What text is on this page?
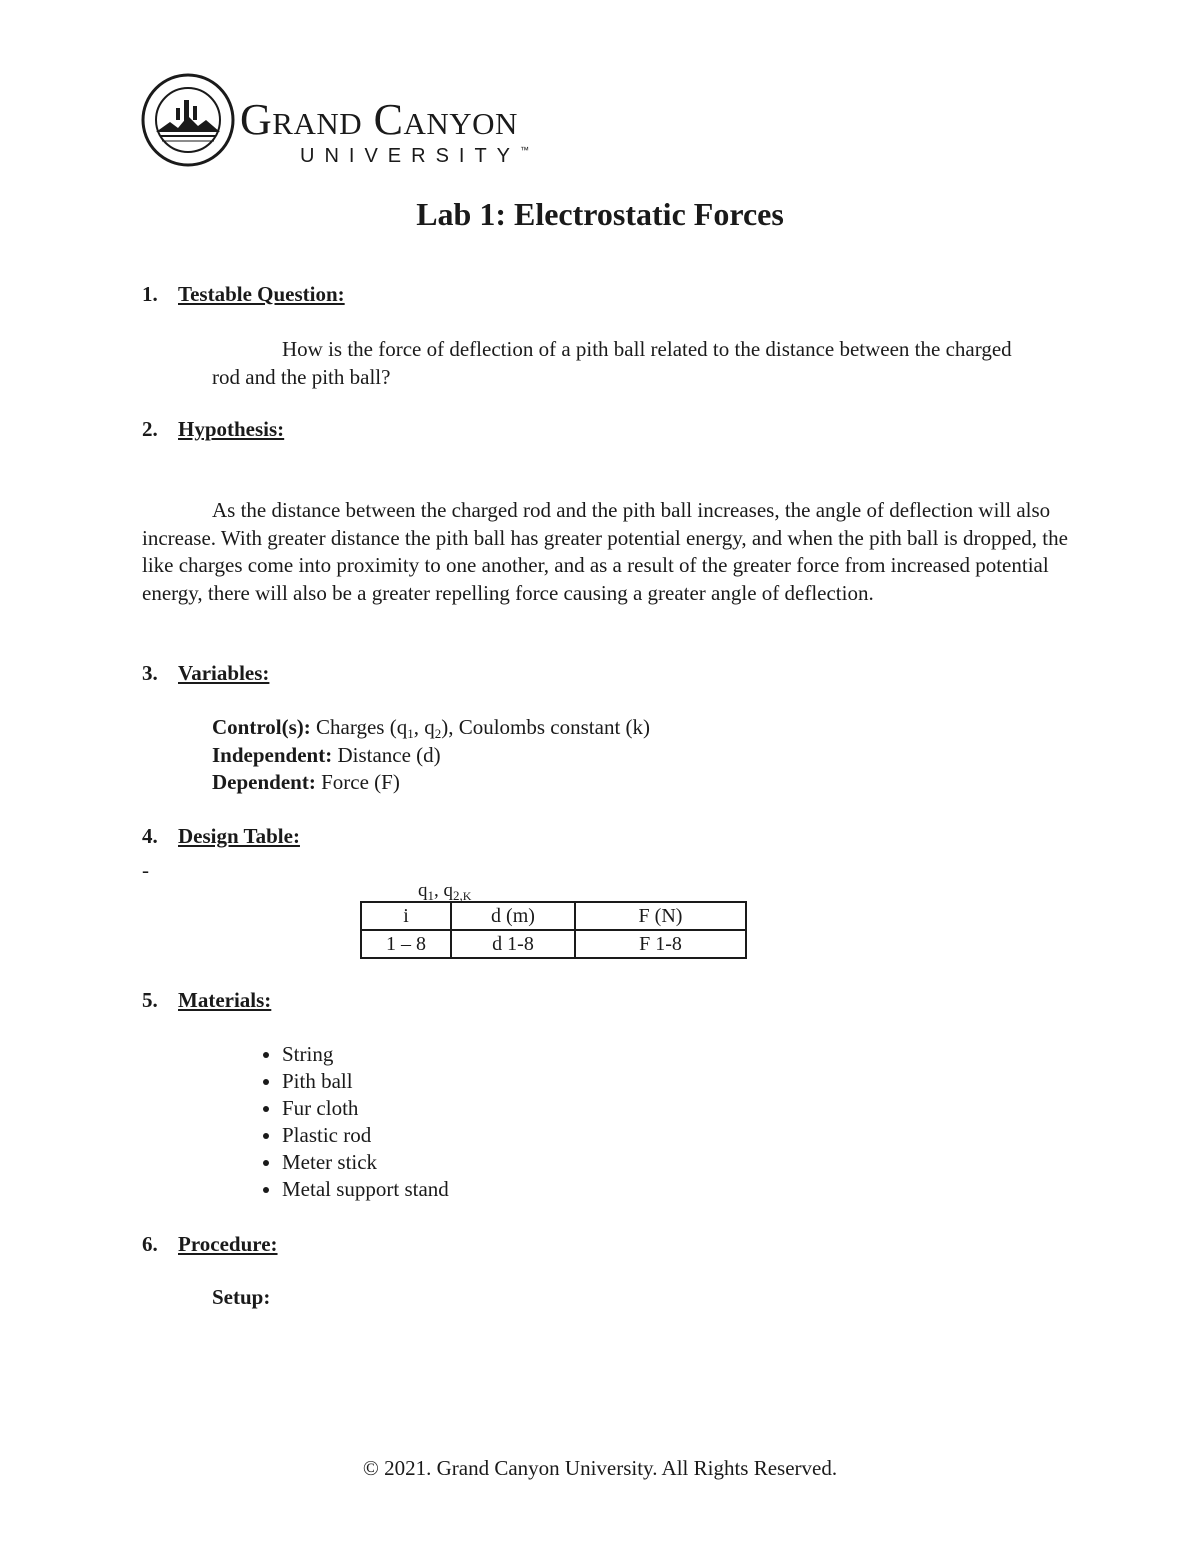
Grand Canyon
UNIVERSITY™
Lab 1: Electrostatic Forces
1. Testable Question:
How is the force of deflection of a pith ball related to the distance between the charged rod and the pith ball?
2. Hypothesis:
As the distance between the charged rod and the pith ball increases, the angle of deflection will also increase. With greater distance the pith ball has greater potential energy, and when the pith ball is dropped, the like charges come into proximity to one another, and as a result of the greater force from increased potential energy, there will also be a greater repelling force causing a greater angle of deflection.
3. Variables:
Control(s): Charges ($q_1$, $q_2$), Coulombs constant (k)
Independent: Distance (d)
Dependent: Force (F)
4. Design Table:
-
$q_1$, $q_{2,K}$
i	d (m)	F (N)
1 – 8	d 1-8	F 1-8
5. Materials:
• String
• Pith ball
• Fur cloth
• Plastic rod
• Meter stick
• Metal support stand
6. Procedure:
Setup:
© 2021. Grand Canyon University. All Rights Reserved.
